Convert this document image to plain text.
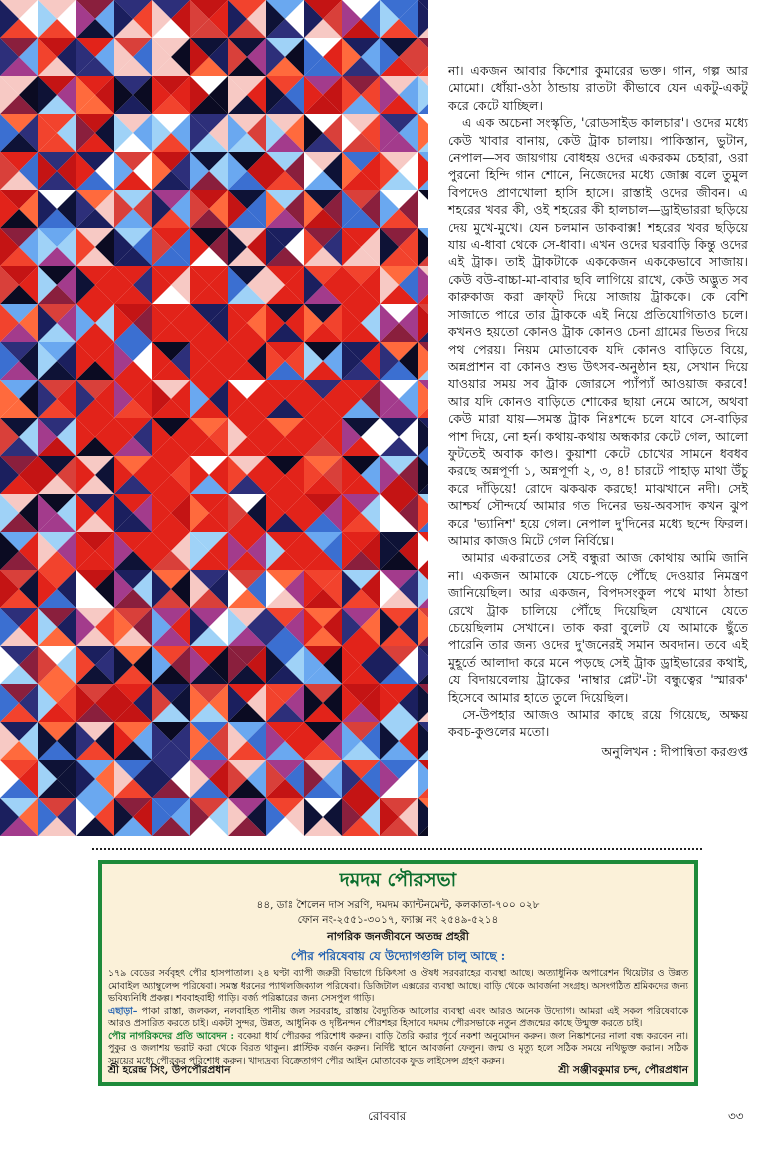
না। একজন আবার কিশোর কুমারের ভক্ত। গান, গল্প আর মোমো। ধোঁয়া-ওঠা ঠান্ডায় রাতটা কীভাবে যেন একটু-একটু করে কেটে যাচ্ছিল।

এ এক অচেনা সংস্কৃতি, 'রোডসাইড কালচার'। ওদের মধ্যে কেউ খাবার বানায়, কেউ ট্রাক চালায়। পাকিস্তান, ভুটান, নেপাল—সব জায়গায় বোধহয় ওদের একরকম চেহারা, ওরা পুরনো হিন্দি গান শোনে, নিজেদের মধ্যে জোক্স বলে তুমুল বিপদেও প্রাণখোলা হাসি হাসে। রাস্তাই ওদের জীবন। এ শহরের খবর কী, ওই শহরের কী হালচাল—ড্রাইভাররা ছড়িয়ে দেয় মুখে-মুখে। যেন চলমান ডাকবাক্স! শহরের খবর ছড়িয়ে যায় এ-ধাবা থেকে সে-ধাবা। এখন ওদের ঘরবাড়ি কিন্তু ওদের এই ট্রাক। তাই ট্রাকটাকে এককেজন এককেভাবে সাজায়। কেউ বউ-বাচ্চা-মা-বাবার ছবি লাগিয়ে রাখে, কেউ অদ্ভুত সব কারুকাজ করা ক্রাফ্‌ট দিয়ে সাজায় ট্রাককে। কে বেশি সাজাতে পারে তার ট্রাককে এই নিয়ে প্রতিযোগিতাও চলে। কখনও হয়তো কোনও ট্রাক কোনও চেনা গ্রামের ভিতর দিয়ে পথ পেরয়। নিয়ম মোতাবেক যদি কোনও বাড়িতে বিয়ে, অন্নপ্রাশন বা কোনও শুভ উৎসব-অনুষ্ঠান হয়, সেখান দিয়ে যাওয়ার সময় সব ট্রাক জোরসে প্যাঁপ্যাঁ আওয়াজ করবে! আর যদি কোনও বাড়িতে শোকের ছায়া নেমে আসে, অথবা কেউ মারা যায়—সমস্ত ট্রাক নিঃশব্দে চলে যাবে সে-বাড়ির পাশ দিয়ে, নো হর্ন। কথায়-কথায় অন্ধকার কেটে গেল, আলো ফুটতেই অবাক কাণ্ড। কুয়াশা কেটে চোখের সামনে ধবধব করছে অন্নপূর্ণা ১, অন্নপূর্ণা ২, ৩, ৪! চারটে পাহাড় মাথা উঁচু করে দাঁড়িয়ে! রোদে ঝকঝক করছে! মাঝখানে নদী। সেই আশ্চর্য সৌন্দর্যে আমার গত দিনের ভয়-অবসাদ কখন ঝুপ করে 'ভ্যানিশ' হয়ে গেল। নেপাল দু'দিনের মধ্যে ছন্দে ফিরল। আমার কাজও মিটে গেল নির্বিঘ্নে।

আমার একরাতের সেই বন্ধুরা আজ কোথায় আমি জানি না। একজন আমাকে যেচে-পড়ে পৌঁছে দেওয়ার নিমন্ত্রণ জানিয়েছিল। আর একজন, বিপদসংকুল পথে মাথা ঠান্ডা রেখে ট্রাক চালিয়ে পৌঁছে দিয়েছিল যেখানে যেতে চেয়েছিলাম সেখানে। তাক করা বুলেট যে আমাকে ছুঁতে পারেনি তার জন্য ওদের দু'জনেরই সমান অবদান। তবে এই মুহূর্তে আলাদা করে মনে পড়ছে সেই ট্রাক ড্রাইভারের কথাই, যে বিদায়বেলায় ট্রাকের 'নাম্বার প্লেট'-টা বন্ধুত্বের 'স্মারক' হিসেবে আমার হাতে তুলে দিয়েছিল।

সে-উপহার আজও আমার কাছে রয়ে গিয়েছে, অক্ষয় কবচ-কুণ্ডলের মতো।

অনুলিখন : দীপান্বিতা করগুপ্ত
দমদম পৌরসভা
৪৪, ডাঃ শৈলেন দাস সরণি, দমদম ক্যান্টনমেন্ট, কলকাতা-৭০০ ০২৮
ফোন নং-২৫৫১-৩০১৭, ফ্যাক্স নং ২৫৪৯-৫২১৪
নাগরিক জনজীবনে অতন্দ্র প্রহরী
পৌর পরিষেবায় যে উদ্যোগগুলি চালু আছে :
১৭৯ বেডের সর্ববৃহৎ পৌর হাসপাতাল। ২৪ ঘণ্টা ব্যাপী জরুরী বিভাগে চিকিৎসা ও ঔষধ সরবরাহের ব্যবস্থা আছে। অত্যাধুনিক অপারেশন থিয়েটার ও উন্নত মোবাইল অ্যাম্বুলেন্স পরিষেবা। সমস্ত ধরনের প্যাথলজিক্যাল পরিষেবা। ডিজিটাল এক্সরের ব্যবস্থা আছে। বাড়ি থেকে আবর্জনা সংগ্রহ। অসংগঠিত শ্রমিকদের জন্য ভবিষ্যনিধি প্রকল্প। শববাহবাহী গাড়ি। বর্জ্য পরিষ্কারের জন্য সেসপুল গাড়ি।
এছাড়া– পাকা রাস্তা, জলকল, নলবাহিত পানীয় জল সরবরাহ, রাস্তায় বৈদ্যুতিক আলোর ব্যবস্থা এবং আরও অনেক উদ্যোগ। আমরা এই সকল পরিষেবাকে আরও প্রসারিত করতে চাই। একটা সুন্দর, উন্নত, আধুনিক ও দৃষ্টিনন্দন পৌরশহর হিসাবে দমদম পৌরসভাকে নতুন প্রজন্মের কাছে উন্মুক্ত করতে চাই।
পৌর নাগরিকদের প্রতি আবেদন : বকেয়া ধার্য পৌরকর পরিশোধ করুন। বাড়ি তৈরি করার পূর্বে নকশা অনুমোদন করুন। জল নিষ্কাশনের নালা বন্ধ করবেন না। পুকুর ও জলাশয় ভরাট করা থেকে বিরত থাকুন। প্লাস্টিক বর্জন করুন। নির্দিষ্ট স্থানে আবর্জনা ফেলুন। জন্ম ও মৃত্যু হলে সঠিক সময়ে নথিভুক্ত করান। সঠিক সময়ের মধ্যে পৌরকর পরিশোধ করুন। খাদ্যদ্রব্য বিক্রেতাগণ পৌর আইন মোতাবেক ফুড লাইসেন্স গ্রহণ করুন।
শ্রী হরেন্দ্র সিং, উপপৌরপ্রধান	শ্রী সঞ্জীবকুমার চন্দ, পৌরপ্রধান
রোববার	৩৩
